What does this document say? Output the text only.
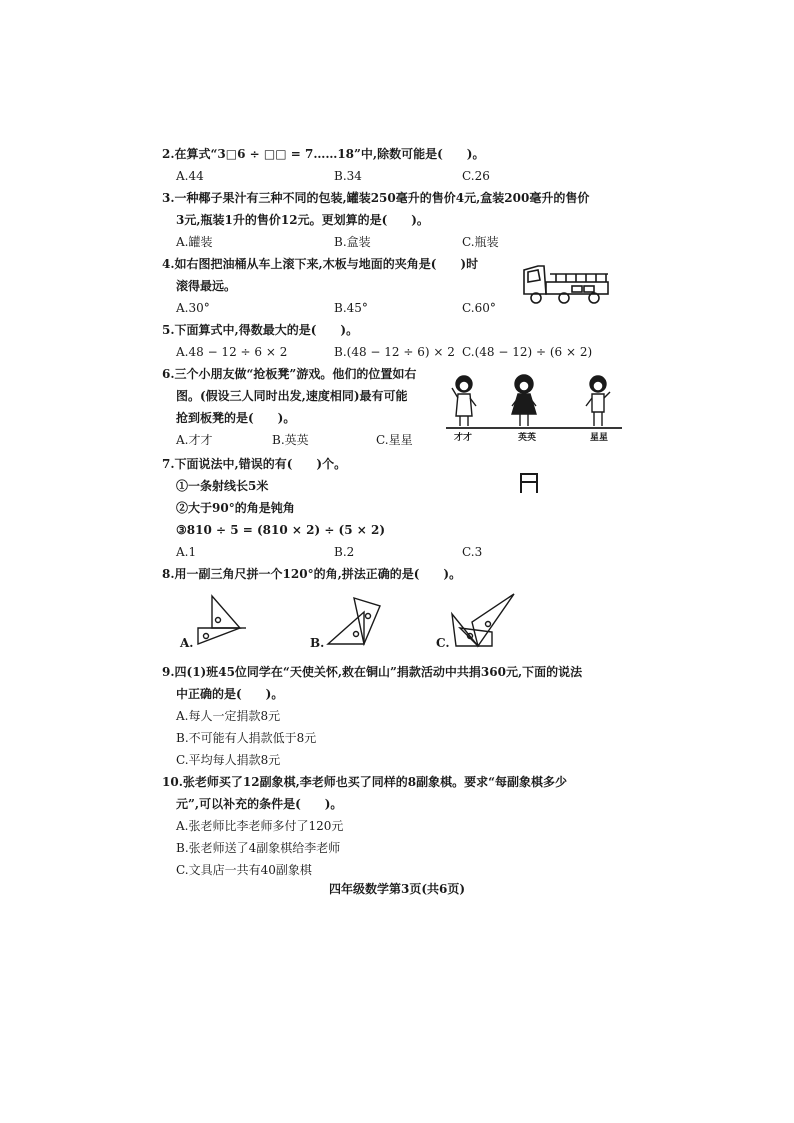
2.在算式“3□6 ÷ □□ = 7……18”中,除数可能是(　　)。
A.44	B.34	C.26
3.一种椰子果汁有三种不同的包装,罐装250毫升的售价4元,盒装200毫升的售价
3元,瓶装1升的售价12元。更划算的是(　　)。
A.罐装	B.盒装	C.瓶装
4.如右图把油桶从车上滚下来,木板与地面的夹角是(　　)时
滚得最远。
A.30°	B.45°	C.60°
5.下面算式中,得数最大的是(　　)。
A.48 − 12 ÷ 6 × 2	B.(48 − 12 ÷ 6) × 2 C.(48 − 12) ÷ (6 × 2)
6.三个小朋友做“抢板凳”游戏。他们的位置如右
图。(假设三人同时出发,速度相同)最有可能
抢到板凳的是(　　)。
A.才才	B.英英	C.星星	才才	英英	星星
7.下面说法中,错误的有(　　)个。
①一条射线长5米
②大于90°的角是钝角
③810 ÷ 5 = (810 × 2) ÷ (5 × 2)
A.1	B.2	C.3
8.用一副三角尺拼一个120°的角,拼法正确的是(　　)。
A.	B.	C.
9.四(1)班45位同学在“天使关怀,救在铜山”捐款活动中共捐360元,下面的说法
中正确的是(　　)。
A.每人一定捐款8元
B.不可能有人捐款低于8元
C.平均每人捐款8元
10.张老师买了12副象棋,李老师也买了同样的8副象棋。要求“每副象棋多少
元”,可以补充的条件是(　　)。
A.张老师比李老师多付了120元
B.张老师送了4副象棋给李老师
C.文具店一共有40副象棋
四年级数学第3页(共6页)
